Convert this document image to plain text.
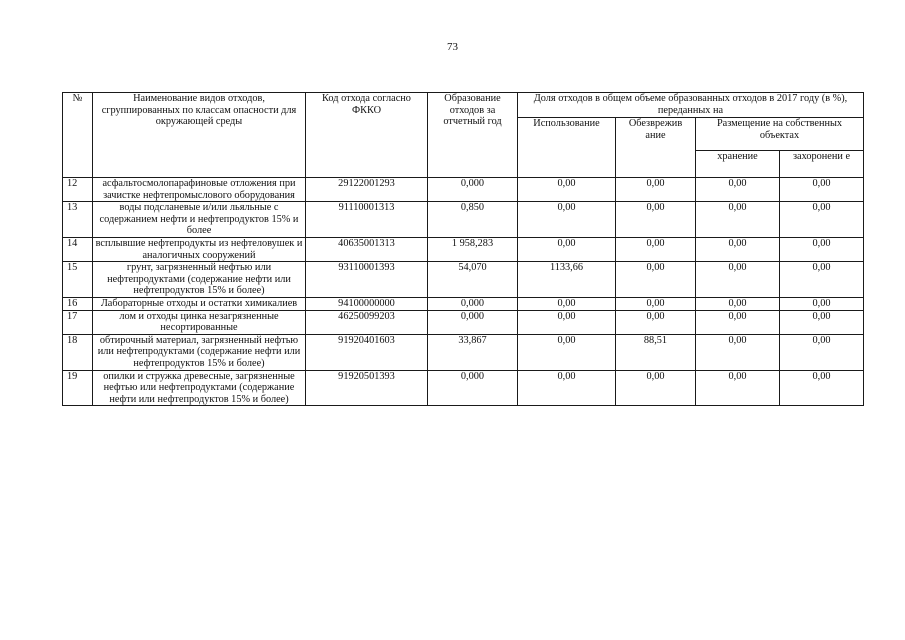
73
№	Наименование видов отходов, сгруппированных по классам опасности для окружающей среды	Код отхода согласно ФККО	Образование отходов за отчетный год	Доля отходов в общем объеме образованных отходов в 2017 году (в %), переданных на			
				Использование	Обезврежив ание	Размещение на собственных объектах	
						хранение	захоронени е
12	асфальтосмолопарафиновые отложения при зачистке нефтепромыслового оборудования	29122001293	0,000	0,00	0,00	0,00	0,00
13	воды подсланевые и/или льяльные с содержанием нефти и нефтепродуктов 15% и более	91110001313	0,850	0,00	0,00	0,00	0,00
14	всплывшие нефтепродукты из нефтеловушек и аналогичных сооружений	40635001313	1 958,283	0,00	0,00	0,00	0,00
15	грунт, загрязненный нефтью или нефтепродуктами (содержание нефти или нефтепродуктов 15% и более)	93110001393	54,070	1133,66	0,00	0,00	0,00
16	Лабораторные отходы и остатки химикалиев	94100000000	0,000	0,00	0,00	0,00	0,00
17	лом и отходы цинка незагрязненные несортированные	46250099203	0,000	0,00	0,00	0,00	0,00
18	обтирочный материал, загрязненный нефтью или нефтепродуктами (содержание нефти или нефтепродуктов 15% и более)	91920401603	33,867	0,00	88,51	0,00	0,00
19	опилки и стружка древесные, загрязненные нефтью или нефтепродуктами (содержание нефти или нефтепродуктов 15% и более)	91920501393	0,000	0,00	0,00	0,00	0,00
